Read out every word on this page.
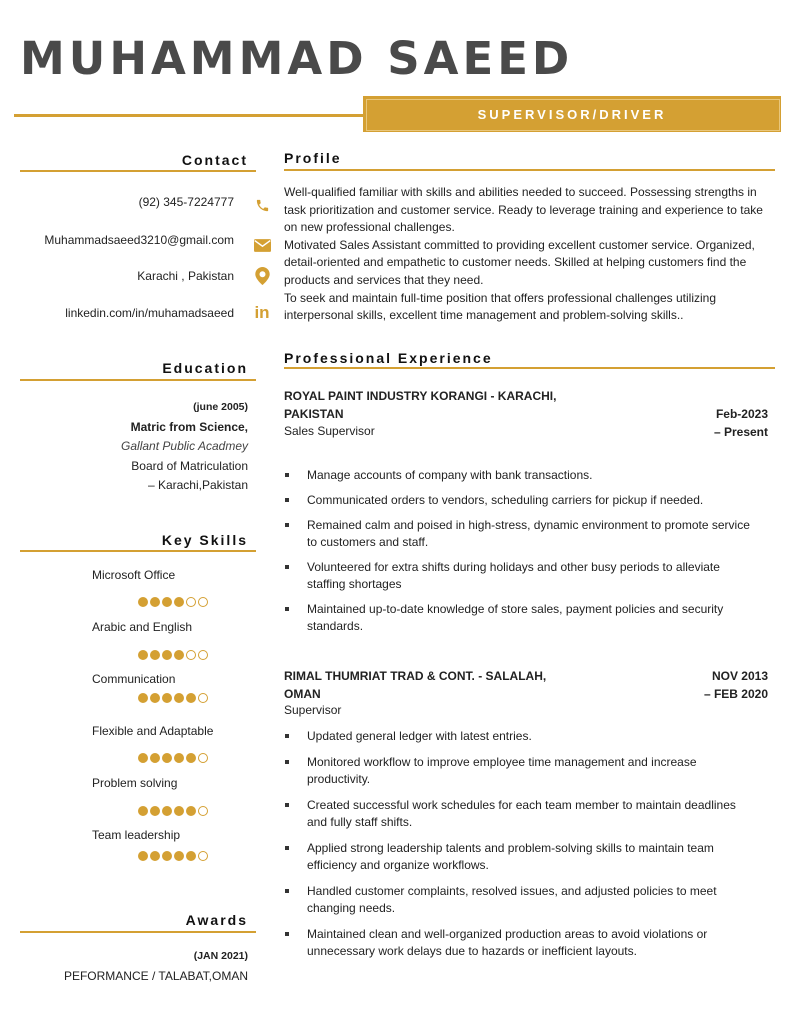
MUHAMMAD SAEED
SUPERVISOR/DRIVER
Contact
(92) 345-7224777
Muhammadsaeed3210@gmail.com
Karachi , Pakistan
linkedin.com/in/muhamadsaeed in
Education
(june 2005)
Matric from Science,
Gallant Public Acadmey
Board of Matriculation
– Karachi,Pakistan
Key Skills
Microsoft Office
Arabic and English
Communication
Flexible and Adaptable
Problem solving
Team leadership
Awards
(JAN 2021)
PEFORMANCE / TALABAT,OMAN
Profile

Well-qualified familiar with skills and abilities needed to succeed. Possessing strengths in task prioritization and customer service. Ready to leverage training and experience to take on new professional challenges.

Motivated Sales Assistant committed to providing excellent customer service. Organized, detail-oriented and empathetic to customer needs. Skilled at helping customers find the products and services that they need.

To seek and maintain full-time position that offers professional challenges utilizing interpersonal skills, excellent time management and problem-solving skills..

Professional Experience
ROYAL PAINT INDUSTRY KORANGI - KARACHI,
PAKISTAN	Feb-2023
– Present
Sales Supervisor
Manage accounts of company with bank transactions.
Communicated orders to vendors, scheduling carriers for pickup if needed.
Remained calm and poised in high-stress, dynamic environment to promote service to customers and staff.
Volunteered for extra shifts during holidays and other busy periods to alleviate staffing shortages
Maintained up-to-date knowledge of store sales, payment policies and security standards.
RIMAL THUMRIAT TRAD & CONT. - SALALAH,
OMAN
NOV 2013
– FEB 2020
Supervisor
Updated general ledger with latest entries.
Monitored workflow to improve employee time management and increase productivity.
Created successful work schedules for each team member to maintain deadlines and fully staff shifts.
Applied strong leadership talents and problem-solving skills to maintain team efficiency and organize workflows.
Handled customer complaints, resolved issues, and adjusted policies to meet changing needs.
Maintained clean and well-organized production areas to avoid violations or unnecessary work delays due to hazards or inefficient layouts.
